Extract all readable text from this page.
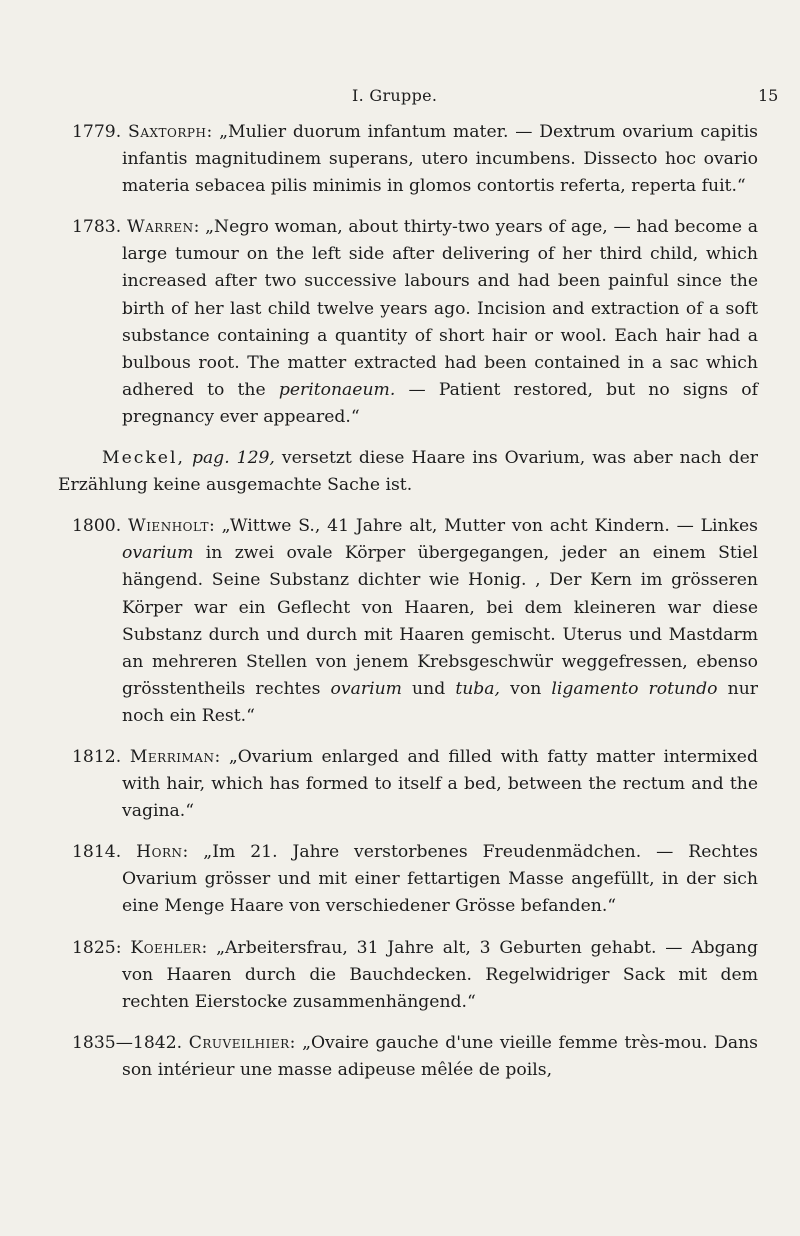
I. Gruppe.	15

1779. Saxtorph: „Mulier duorum infantum mater. — Dextrum ovarium capitis infantis magnitudinem superans, utero incumbens. Dissecto hoc ovario materia sebacea pilis minimis in glomos contortis referta, reperta fuit.“

1783. Warren: „Negro woman, about thirty-two years of age, — had become a large tumour on the left side after delivering of her third child, which increased after two successive labours and had been painful since the birth of her last child twelve years ago. Incision and extraction of a soft substance containing a quantity of short hair or wool. Each hair had a bulbous root. The matter extracted had been contained in a sac which adhered to the peritonaeum. — Patient restored, but no signs of pregnancy ever appeared.“

Meckel, pag. 129, versetzt diese Haare ins Ovarium, was aber nach der Erzählung keine ausgemachte Sache ist.

1800. Wienholt: „Wittwe S., 41 Jahre alt, Mutter von acht Kindern. — Linkes ovarium in zwei ovale Körper übergegangen, jeder an einem Stiel hängend. Seine Substanz dichter wie Honig. , Der Kern im grösseren Körper war ein Geflecht von Haaren, bei dem kleineren war diese Substanz durch und durch mit Haaren gemischt. Uterus und Mastdarm an mehreren Stellen von jenem Krebsgeschwür weggefressen, ebenso grösstentheils rechtes ovarium und tuba, von ligamento rotundo nur noch ein Rest.“

1812. Merriman: „Ovarium enlarged and filled with fatty matter intermixed with hair, which has formed to itself a bed, between the rectum and the vagina.“

1814. Horn: „Im 21. Jahre verstorbenes Freudenmädchen. — Rechtes Ovarium grösser und mit einer fettartigen Masse angefüllt, in der sich eine Menge Haare von verschiedener Grösse befanden.“

1825: Koehler: „Arbeitersfrau, 31 Jahre alt, 3 Geburten gehabt. — Abgang von Haaren durch die Bauchdecken. Regelwidriger Sack mit dem rechten Eierstocke zusammenhängend.“

1835—1842. Cruveilhier: „Ovaire gauche d'une vieille femme très-mou. Dans son intérieur une masse adipeuse mêlée de poils,
